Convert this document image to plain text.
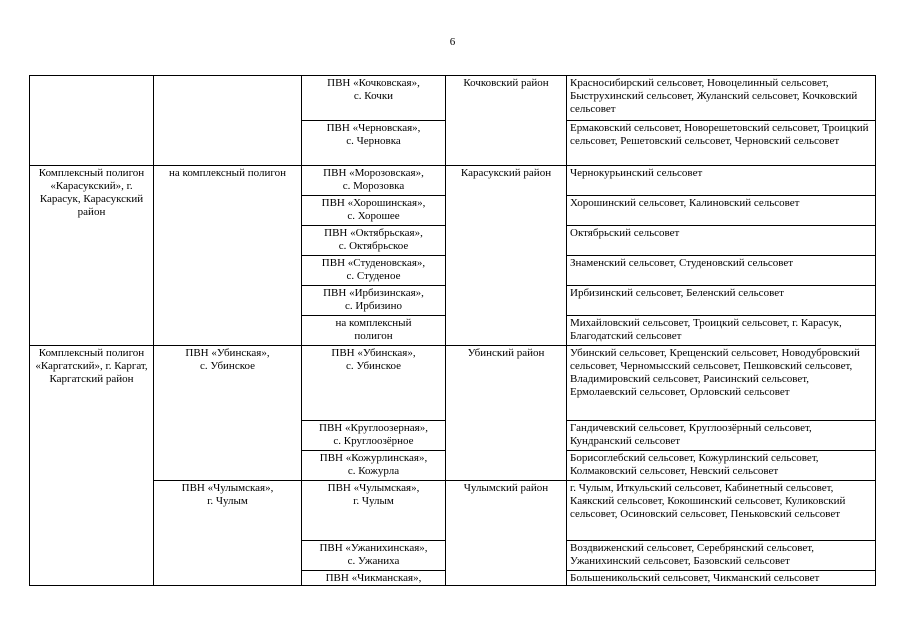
6
		ПВН «Кочковская»,
с. Кочки	Кочковский район	Красносибирский сельсовет, Новоцелинный сельсовет, Быструхинский сельсовет, Жуланский сельсовет, Кочковский сельсовет
		ПВН «Черновская»,
с. Черновка		Ермаковский сельсовет, Новорешетовский сельсовет, Троицкий сельсовет, Решетовский сельсовет, Черновский сельсовет
Комплексный полигон «Карасукский», г. Карасук, Карасукский район	на комплексный полигон	ПВН «Морозовская»,
с. Морозовка	Карасукский район	Чернокурьинский сельсовет
		ПВН «Хорошинская»,
с. Хорошее		Хорошинский сельсовет, Калиновский сельсовет
		ПВН «Октябрьская»,
с. Октябрьское		Октябрьский сельсовет
		ПВН «Студеновская»,
с. Студеное		Знаменский сельсовет, Студеновский сельсовет
		ПВН «Ирбизинская»,
с. Ирбизино		Ирбизинский сельсовет, Беленский сельсовет
		на комплексный
полигон		Михайловский сельсовет, Троицкий сельсовет, г. Карасук, Благодатский сельсовет
Комплексный полигон «Каргатский», г. Каргат, Каргатский район	ПВН «Убинская»,
с. Убинское	ПВН «Убинская»,
с. Убинское	Убинский район	Убинский сельсовет, Крещенский сельсовет, Новодубровский сельсовет, Черномысский сельсовет, Пешковский сельсовет, Владимировский сельсовет, Раисинский сельсовет, Ермолаевский сельсовет, Орловский сельсовет
		ПВН «Круглоозерная»,
с. Круглоозёрное		Гандичевский сельсовет, Круглоозёрный сельсовет, Кундранский сельсовет
		ПВН «Кожурлинская»,
с. Кожурла		Борисоглебский сельсовет, Кожурлинский сельсовет, Колмаковский сельсовет, Невский сельсовет
	ПВН «Чулымская»,
г. Чулым	ПВН «Чулымская»,
г. Чулым	Чулымский район	г. Чулым, Иткульский сельсовет, Кабинетный сельсовет, Каякский сельсовет, Кокошинский сельсовет, Куликовский сельсовет, Осиновский сельсовет, Пеньковский сельсовет
		ПВН «Ужанихинская»,
с. Ужаниха		Воздвиженский сельсовет, Серебрянский сельсовет, Ужанихинский сельсовет, Базовский сельсовет
		ПВН «Чикманская»,		Большеникольский сельсовет, Чикманский сельсовет
